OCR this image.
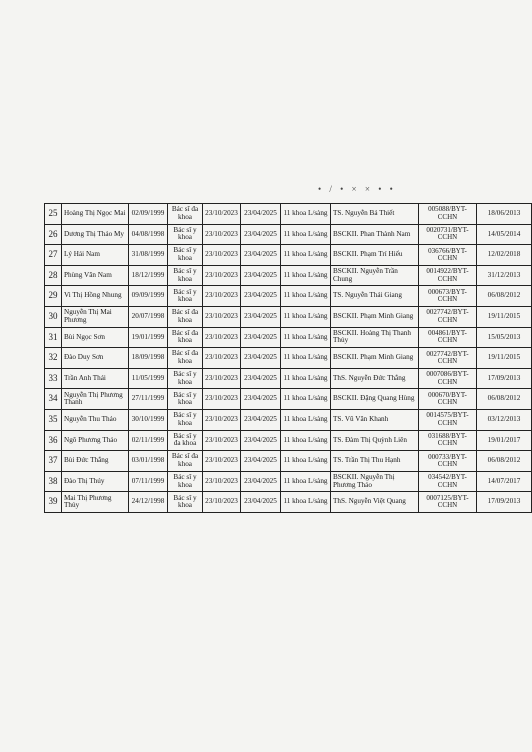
• / • × × • •
25	Hoàng Thị Ngọc Mai	02/09/1999	Bác sĩ đa khoa	23/10/2023	23/04/2025	11 khoa L/sàng	TS. Nguyễn Bá Thiết	005088/BYT-CCHN	18/06/2013
26	Dương Thị Thảo My	04/08/1998	Bác sĩ y khoa	23/10/2023	23/04/2025	11 khoa L/sàng	BSCKII. Phan Thành Nam	0020731/BYT-CCHN	14/05/2014
27	Lý Hải Nam	31/08/1999	Bác sĩ y khoa	23/10/2023	23/04/2025	11 khoa L/sàng	BSCKII. Phạm Trí Hiếu	036766/BYT-CCHN	12/02/2018
28	Phùng Văn Nam	18/12/1999	Bác sĩ y khoa	23/10/2023	23/04/2025	11 khoa L/sàng	BSCKII. Nguyễn Trần Chung	0014922/BYT-CCHN	31/12/2013
29	Vi Thị Hồng Nhung	09/09/1999	Bác sĩ y khoa	23/10/2023	23/04/2025	11 khoa L/sàng	TS. Nguyễn Thái Giang	000673/BYT-CCHN	06/08/2012
30	Nguyễn Thị Mai Phương	20/07/1998	Bác sĩ đa khoa	23/10/2023	23/04/2025	11 khoa L/sàng	BSCKII. Phạm Minh Giang	0027742/BYT-CCHN	19/11/2015
31	Bùi Ngọc Sơn	19/01/1999	Bác sĩ đa khoa	23/10/2023	23/04/2025	11 khoa L/sàng	BSCKII. Hoàng Thị Thanh Thủy	004861/BYT-CCHN	15/05/2013
32	Đào Duy Sơn	18/09/1998	Bác sĩ đa khoa	23/10/2023	23/04/2025	11 khoa L/sàng	BSCKII. Phạm Minh Giang	0027742/BYT-CCHN	19/11/2015
33	Trần Anh Thái	11/05/1999	Bác sĩ y khoa	23/10/2023	23/04/2025	11 khoa L/sàng	ThS. Nguyễn Đức Thắng	0007086/BYT-CCHN	17/09/2013
34	Nguyễn Thị Phương Thanh	27/11/1999	Bác sĩ y khoa	23/10/2023	23/04/2025	11 khoa L/sàng	BSCKII. Đặng Quang Hùng	000670/BYT-CCHN	06/08/2012
35	Nguyễn Thu Thảo	30/10/1999	Bác sĩ y khoa	23/10/2023	23/04/2025	11 khoa L/sàng	TS. Vũ Văn Khanh	0014575/BYT-CCHN	03/12/2013
36	Ngô Phương Thảo	02/11/1999	Bác sĩ y đa khoa	23/10/2023	23/04/2025	11 khoa L/sàng	TS. Đàm Thị Quỳnh Liên	031688/BYT-CCHN	19/01/2017
37	Bùi Đức Thắng	03/01/1998	Bác sĩ đa khoa	23/10/2023	23/04/2025	11 khoa L/sàng	TS. Trần Thị Thu Hạnh	000733/BYT-CCHN	06/08/2012
38	Đào Thị Thúy	07/11/1999	Bác sĩ y khoa	23/10/2023	23/04/2025	11 khoa L/sàng	BSCKII. Nguyễn Thị Phương Thảo	034542/BYT-CCHN	14/07/2017
39	Mai Thị Phương Thủy	24/12/1998	Bác sĩ y khoa	23/10/2023	23/04/2025	11 khoa L/sàng	ThS. Nguyễn Việt Quang	0007125/BYT-CCHN	17/09/2013
